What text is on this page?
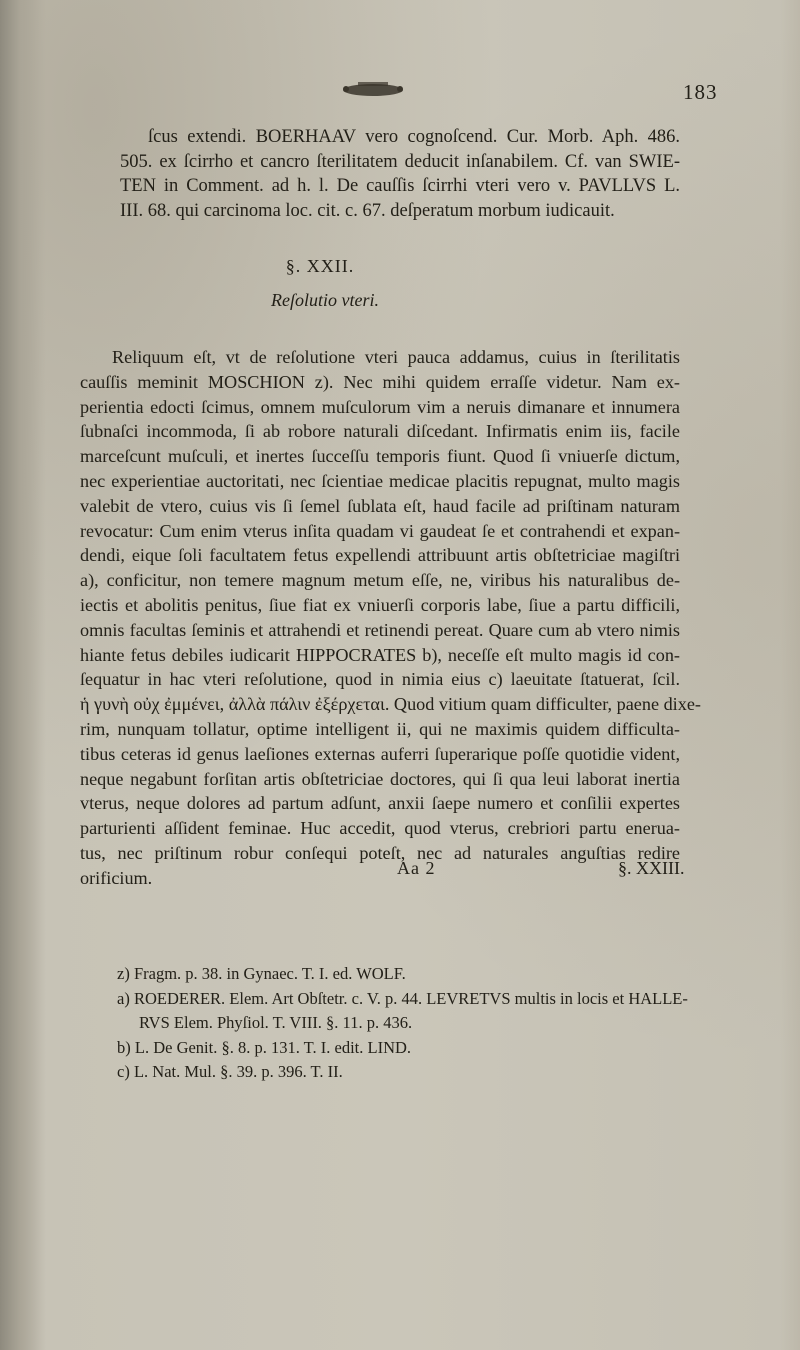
183
ſcus extendi. BOERHAAV vero cognoſcend. Cur. Morb. Aph. 486.
505. ex ſcirrho et cancro ſterilitatem deducit inſanabilem. Cf. van SWIE-
TEN in Comment. ad h. l. De cauſſis ſcirrhi vteri vero v. PAVLLVS L.
III. 68. qui carcinoma loc. cit. c. 67. deſperatum morbum iudicauit.
§. XXII.
Reſolutio vteri.
Reliquum eſt, vt de reſolutione vteri pauca addamus, cuius in ſterilitatis
cauſſis meminit MOSCHION z). Nec mihi quidem erraſſe videtur. Nam ex-
perientia edocti ſcimus, omnem muſculorum vim a neruis dimanare et innumera
ſubnaſci incommoda, ſi ab robore naturali diſcedant. Infirmatis enim iis, facile
marceſcunt muſculi, et inertes ſucceſſu temporis fiunt. Quod ſi vniuerſe dictum,
nec experientiae auctoritati, nec ſcientiae medicae placitis repugnat, multo magis
valebit de vtero, cuius vis ſi ſemel ſublata eſt, haud facile ad priſtinam naturam
revocatur: Cum enim vterus inſita quadam vi gaudeat ſe et contrahendi et expan-
dendi, eique ſoli facultatem fetus expellendi attribuunt artis obſtetriciae magiſtri
a), conficitur, non temere magnum metum eſſe, ne, viribus his naturalibus de-
iectis et abolitis penitus, ſiue fiat ex vniuerſi corporis labe, ſiue a partu difficili,
omnis facultas ſeminis et attrahendi et retinendi pereat. Quare cum ab vtero nimis
hiante fetus debiles iudicarit HIPPOCRATES b), neceſſe eſt multo magis id con-
ſequatur in hac vteri reſolutione, quod in nimia eius c) laeuitate ſtatuerat, ſcil.
ἡ γυνὴ οὐχ ἐμμένει, ἀλλὰ πάλιν ἐξέρχεται. Quod vitium quam difficulter, paene dixe-
rim, nunquam tollatur, optime intelligent ii, qui ne maximis quidem difficulta-
tibus ceteras id genus laeſiones externas auferri ſuperarique poſſe quotidie vident,
neque negabunt forſitan artis obſtetriciae doctores, qui ſi qua leui laborat inertia
vterus, neque dolores ad partum adſunt, anxii ſaepe numero et conſilii expertes
parturienti aſſident feminae. Huc accedit, quod vterus, crebriori partu enerua-
tus, nec priſtinum robur conſequi poteſt, nec ad naturales anguſtias redire
orificium.	Aa 2	§. XXIII.
z) Fragm. p. 38. in Gynaec. T. I. ed. WOLF.
a) ROEDERER. Elem. Art Obſtetr. c. V. p. 44. LEVRETVS multis in locis et HALLE-
RVS Elem. Phyſiol. T. VIII. §. 11. p. 436.
b) L. De Genit. §. 8. p. 131. T. I. edit. LIND.
c) L. Nat. Mul. §. 39. p. 396. T. II.
